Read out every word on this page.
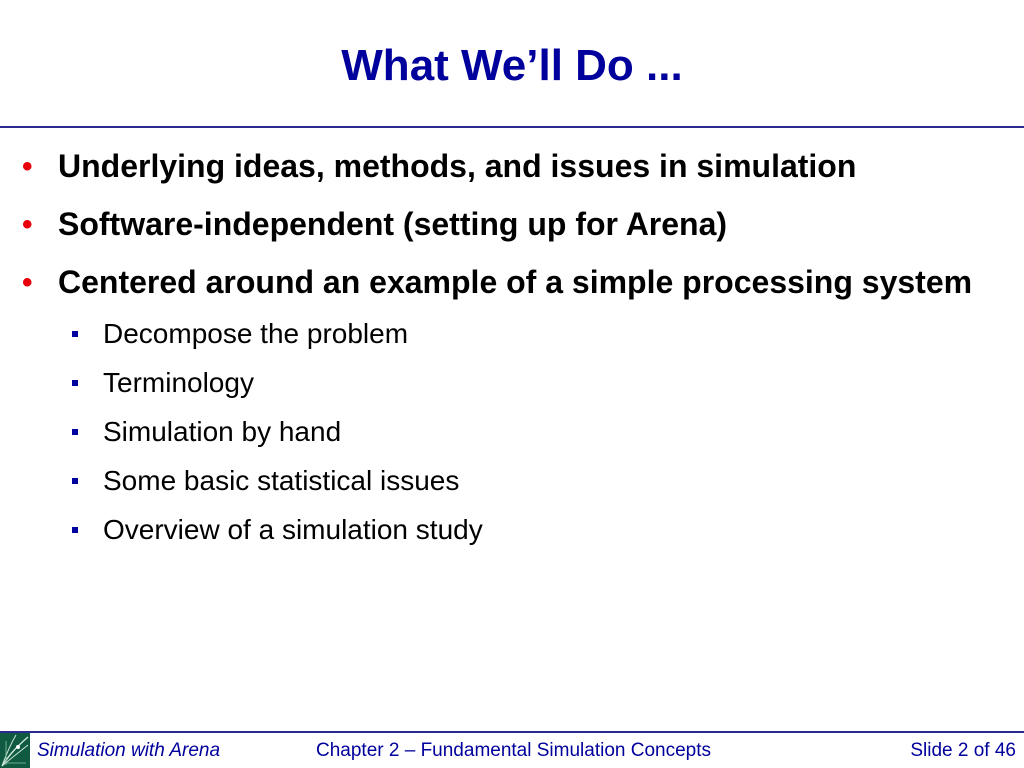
What We’ll Do ...
• Underlying ideas, methods, and issues in simulation
• Software-independent (setting up for Arena)
• Centered around an example of a simple processing system
Decompose the problem
Terminology
Simulation by hand
Some basic statistical issues
Overview of a simulation study
Simulation with Arena	Chapter 2 – Fundamental Simulation Concepts	Slide 2 of 46
